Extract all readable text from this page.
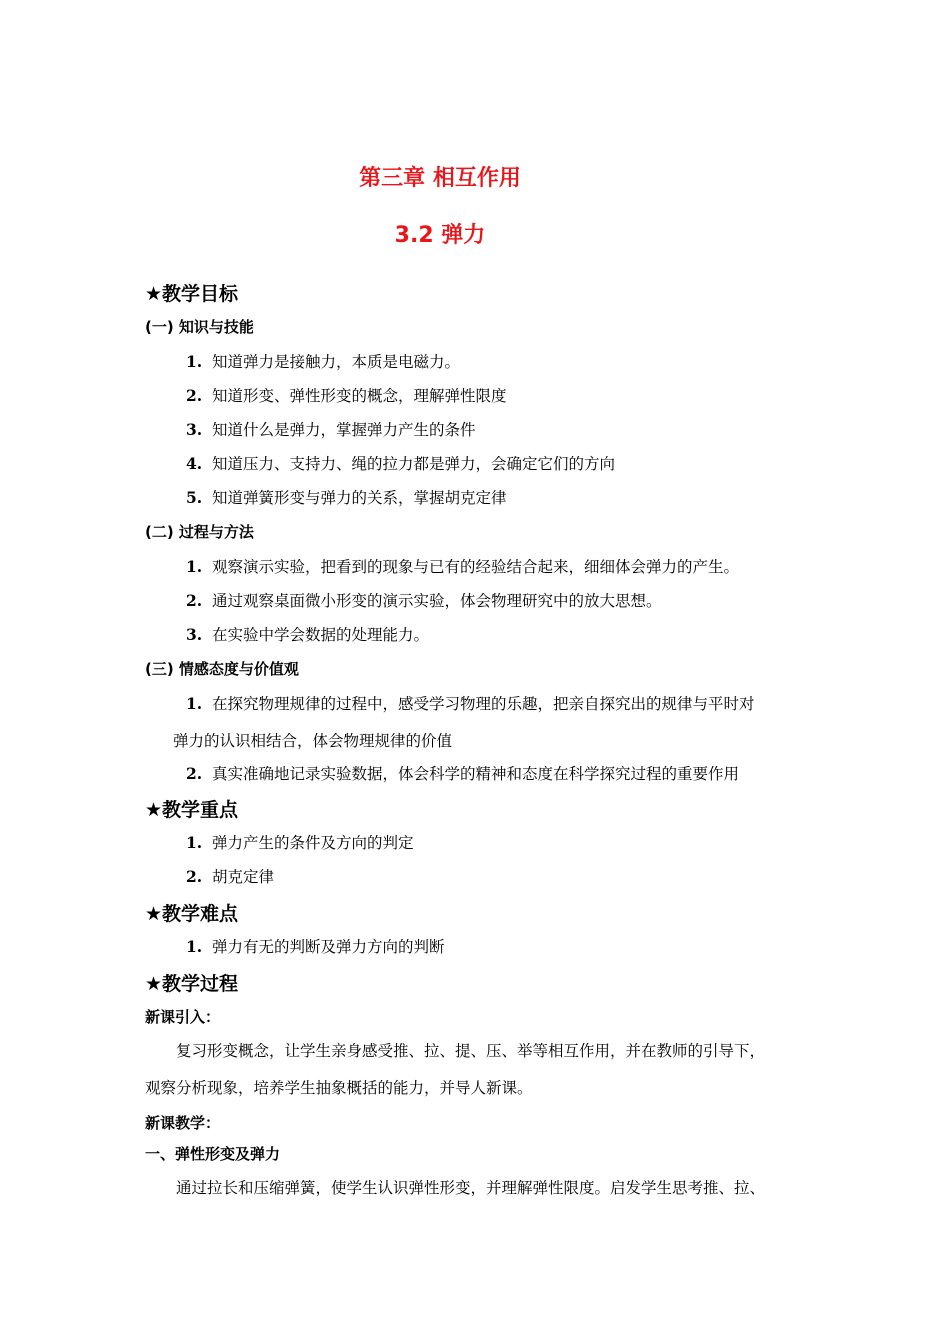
第三章 相互作用
3.2 弹力
★教学目标
(一) 知识与技能
1. 知道弹力是接触力，本质是电磁力。
2. 知道形变、弹性形变的概念，理解弹性限度
3. 知道什么是弹力，掌握弹力产生的条件
4. 知道压力、支持力、绳的拉力都是弹力，会确定它们的方向
5. 知道弹簧形变与弹力的关系，掌握胡克定律
(二) 过程与方法
1. 观察演示实验，把看到的现象与已有的经验结合起来，细细体会弹力的产生。
2. 通过观察桌面微小形变的演示实验，体会物理研究中的放大思想。
3. 在实验中学会数据的处理能力。
(三) 情感态度与价值观
1. 在探究物理规律的过程中，感受学习物理的乐趣，把亲自探究出的规律与平时对
弹力的认识相结合，体会物理规律的价值
2. 真实准确地记录实验数据，体会科学的精神和态度在科学探究过程的重要作用
★教学重点
1. 弹力产生的条件及方向的判定
2. 胡克定律
★教学难点
1. 弹力有无的判断及弹力方向的判断
★教学过程
新课引入：
复习形变概念，让学生亲身感受推、拉、提、压、举等相互作用，并在教师的引导下，
观察分析现象，培养学生抽象概括的能力，并导人新课。
新课教学：
一、弹性形变及弹力
通过拉长和压缩弹簧，使学生认识弹性形变，并理解弹性限度。启发学生思考推、拉、
